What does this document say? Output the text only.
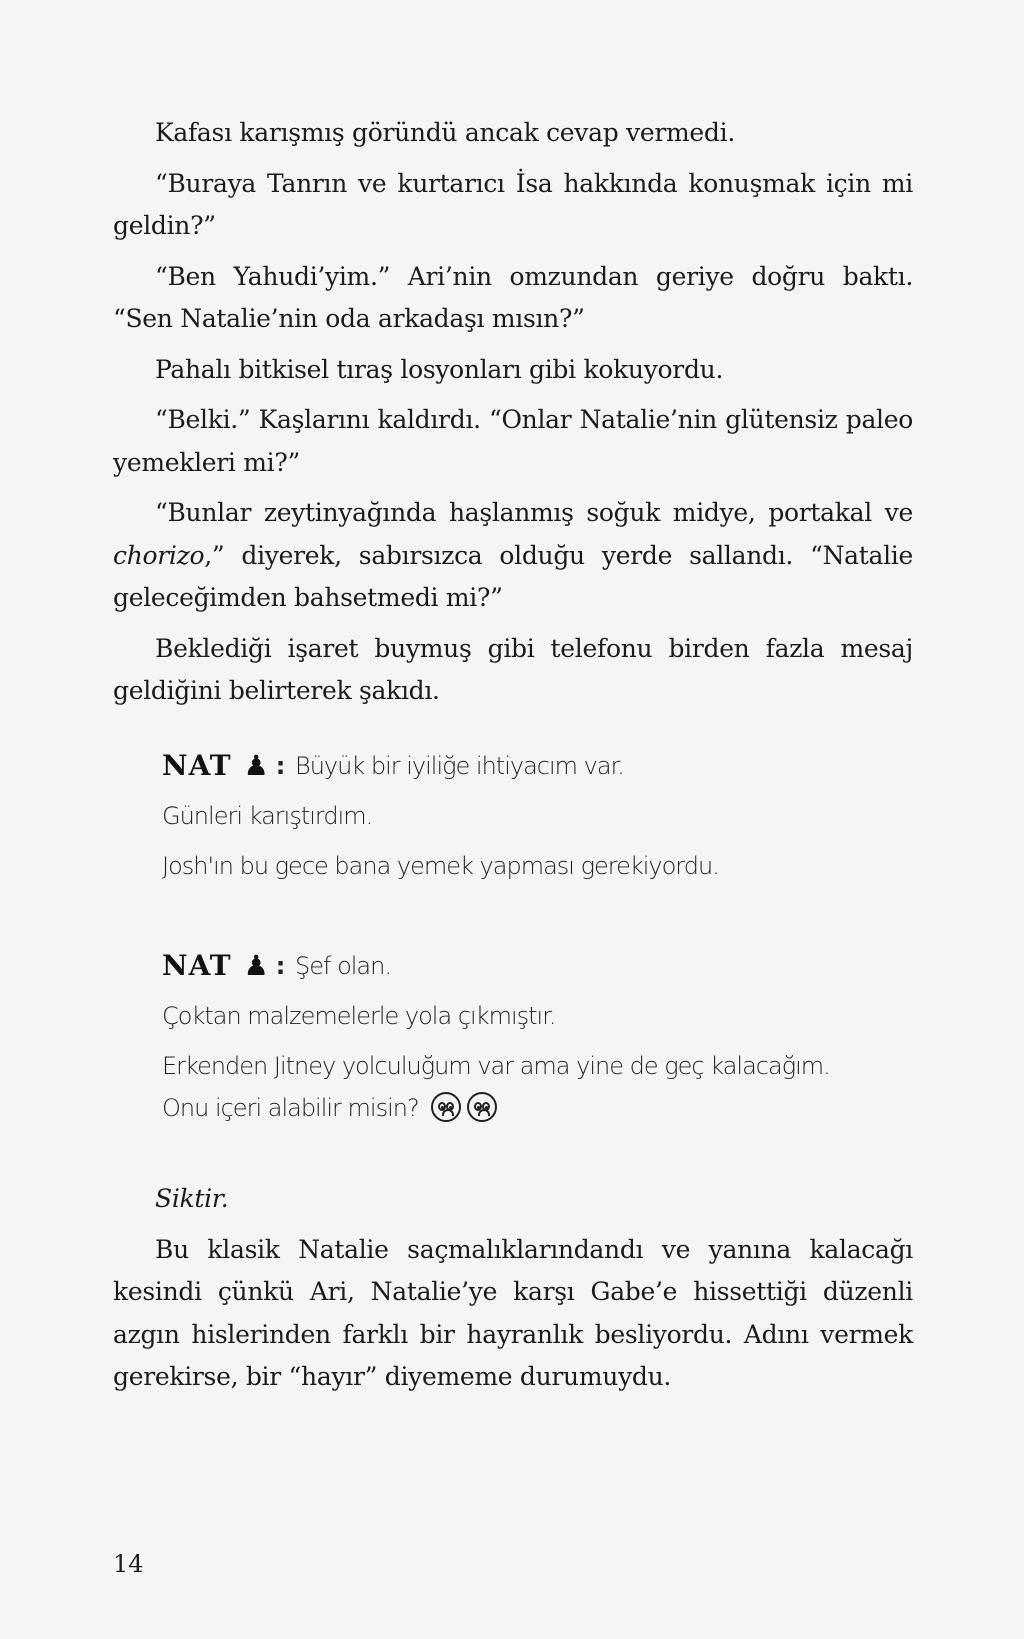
Kafası karışmış göründü ancak cevap vermedi.

“Buraya Tanrın ve kurtarıcı İsa hakkında konuşmak için mi geldin?”

“Ben Yahudi’yim.” Ari’nin omzundan geriye doğru baktı. “Sen Natalie’nin oda arkadaşı mısın?”

Pahalı bitkisel tıraş losyonları gibi kokuyordu.

“Belki.” Kaşlarını kaldırdı. “Onlar Natalie’nin glütensiz paleo yemekleri mi?”

“Bunlar zeytinyağında haşlanmış soğuk midye, portakal ve chorizo,” diyerek, sabırsızca olduğu yerde sallandı. “Natalie geleceğimden bahsetmedi mi?”

Beklediği işaret buymuş gibi telefonu birden fazla mesaj geldiğini belirterek şakıdı.

NAT ♟ : Büyük bir iyiliğe ihtiyacım var.
Günleri karıştırdım.
Josh'ın bu gece bana yemek yapması gerekiyordu.
NAT ♟ : Şef olan.
Çoktan malzemelerle yola çıkmıştır.
Erkenden Jitney yolculuğum var ama yine de geç kalacağım.
Onu içeri alabilir misin?

Siktir.

Bu klasik Natalie saçmalıklarındandı ve yanına kalacağı kesindi çünkü Ari, Natalie’ye karşı Gabe’e hissettiği düzenli azgın hislerinden farklı bir hayranlık besliyordu. Adını vermek gerekirse, bir “hayır” diyememe durumuydu.

14
